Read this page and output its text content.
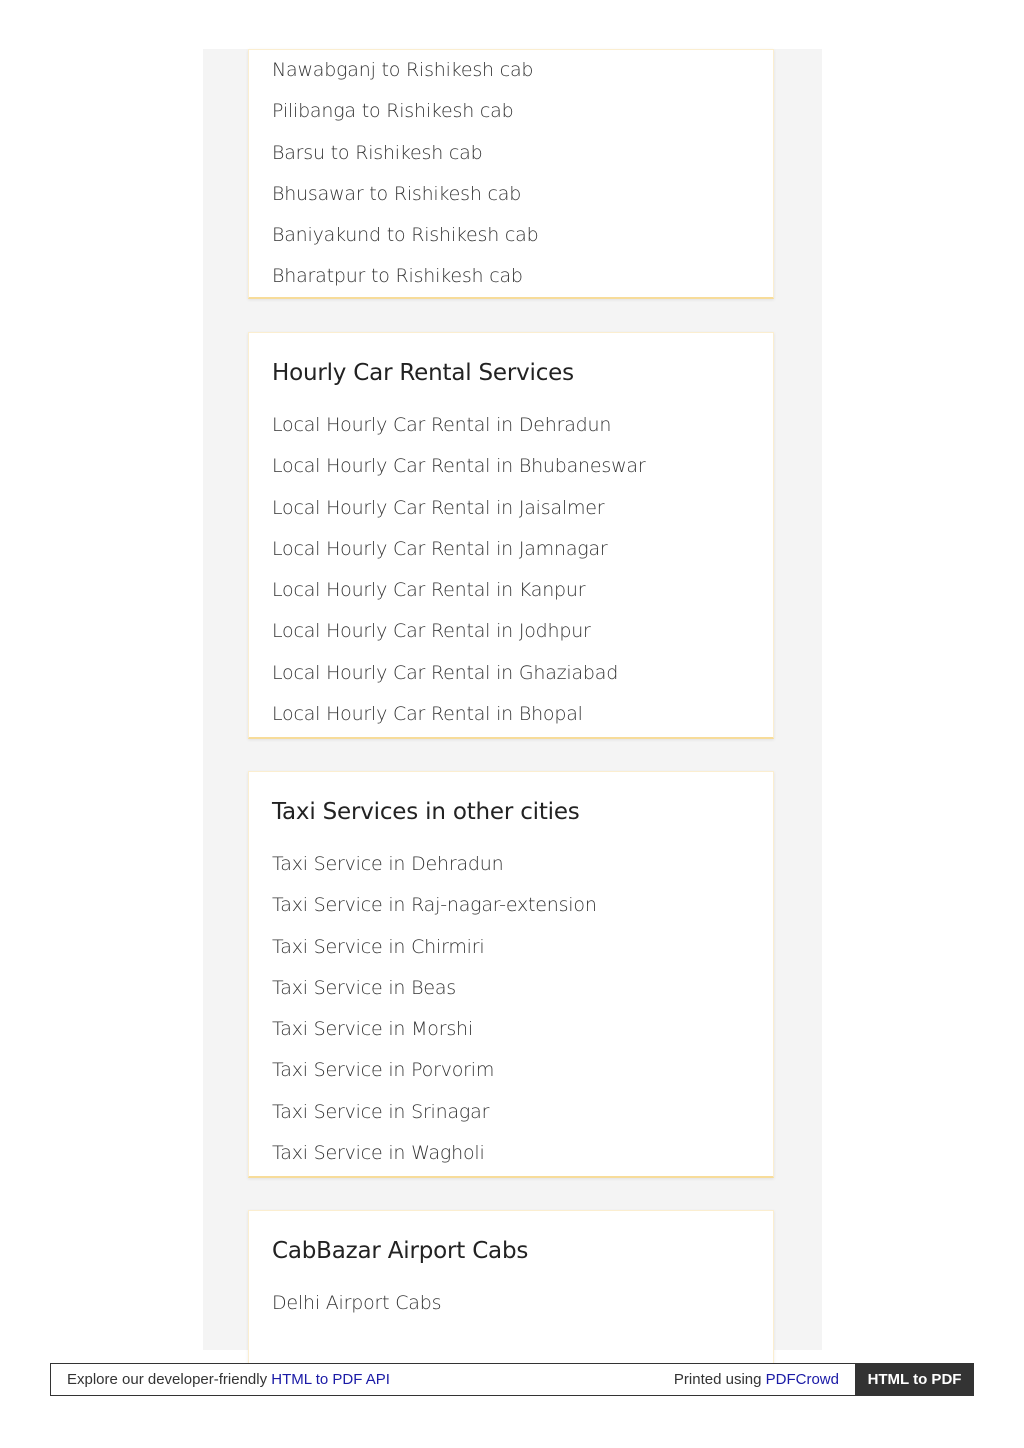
Nawabganj to Rishikesh cab
Pilibanga to Rishikesh cab
Barsu to Rishikesh cab
Bhusawar to Rishikesh cab
Baniyakund to Rishikesh cab
Bharatpur to Rishikesh cab
Hourly Car Rental Services
Local Hourly Car Rental in Dehradun
Local Hourly Car Rental in Bhubaneswar
Local Hourly Car Rental in Jaisalmer
Local Hourly Car Rental in Jamnagar
Local Hourly Car Rental in Kanpur
Local Hourly Car Rental in Jodhpur
Local Hourly Car Rental in Ghaziabad
Local Hourly Car Rental in Bhopal
Taxi Services in other cities
Taxi Service in Dehradun
Taxi Service in Raj-nagar-extension
Taxi Service in Chirmiri
Taxi Service in Beas
Taxi Service in Morshi
Taxi Service in Porvorim
Taxi Service in Srinagar
Taxi Service in Wagholi
CabBazar Airport Cabs
Delhi Airport Cabs
Explore our developer-friendly HTML to PDF API	Printed using PDFCrowd	HTML to PDF
